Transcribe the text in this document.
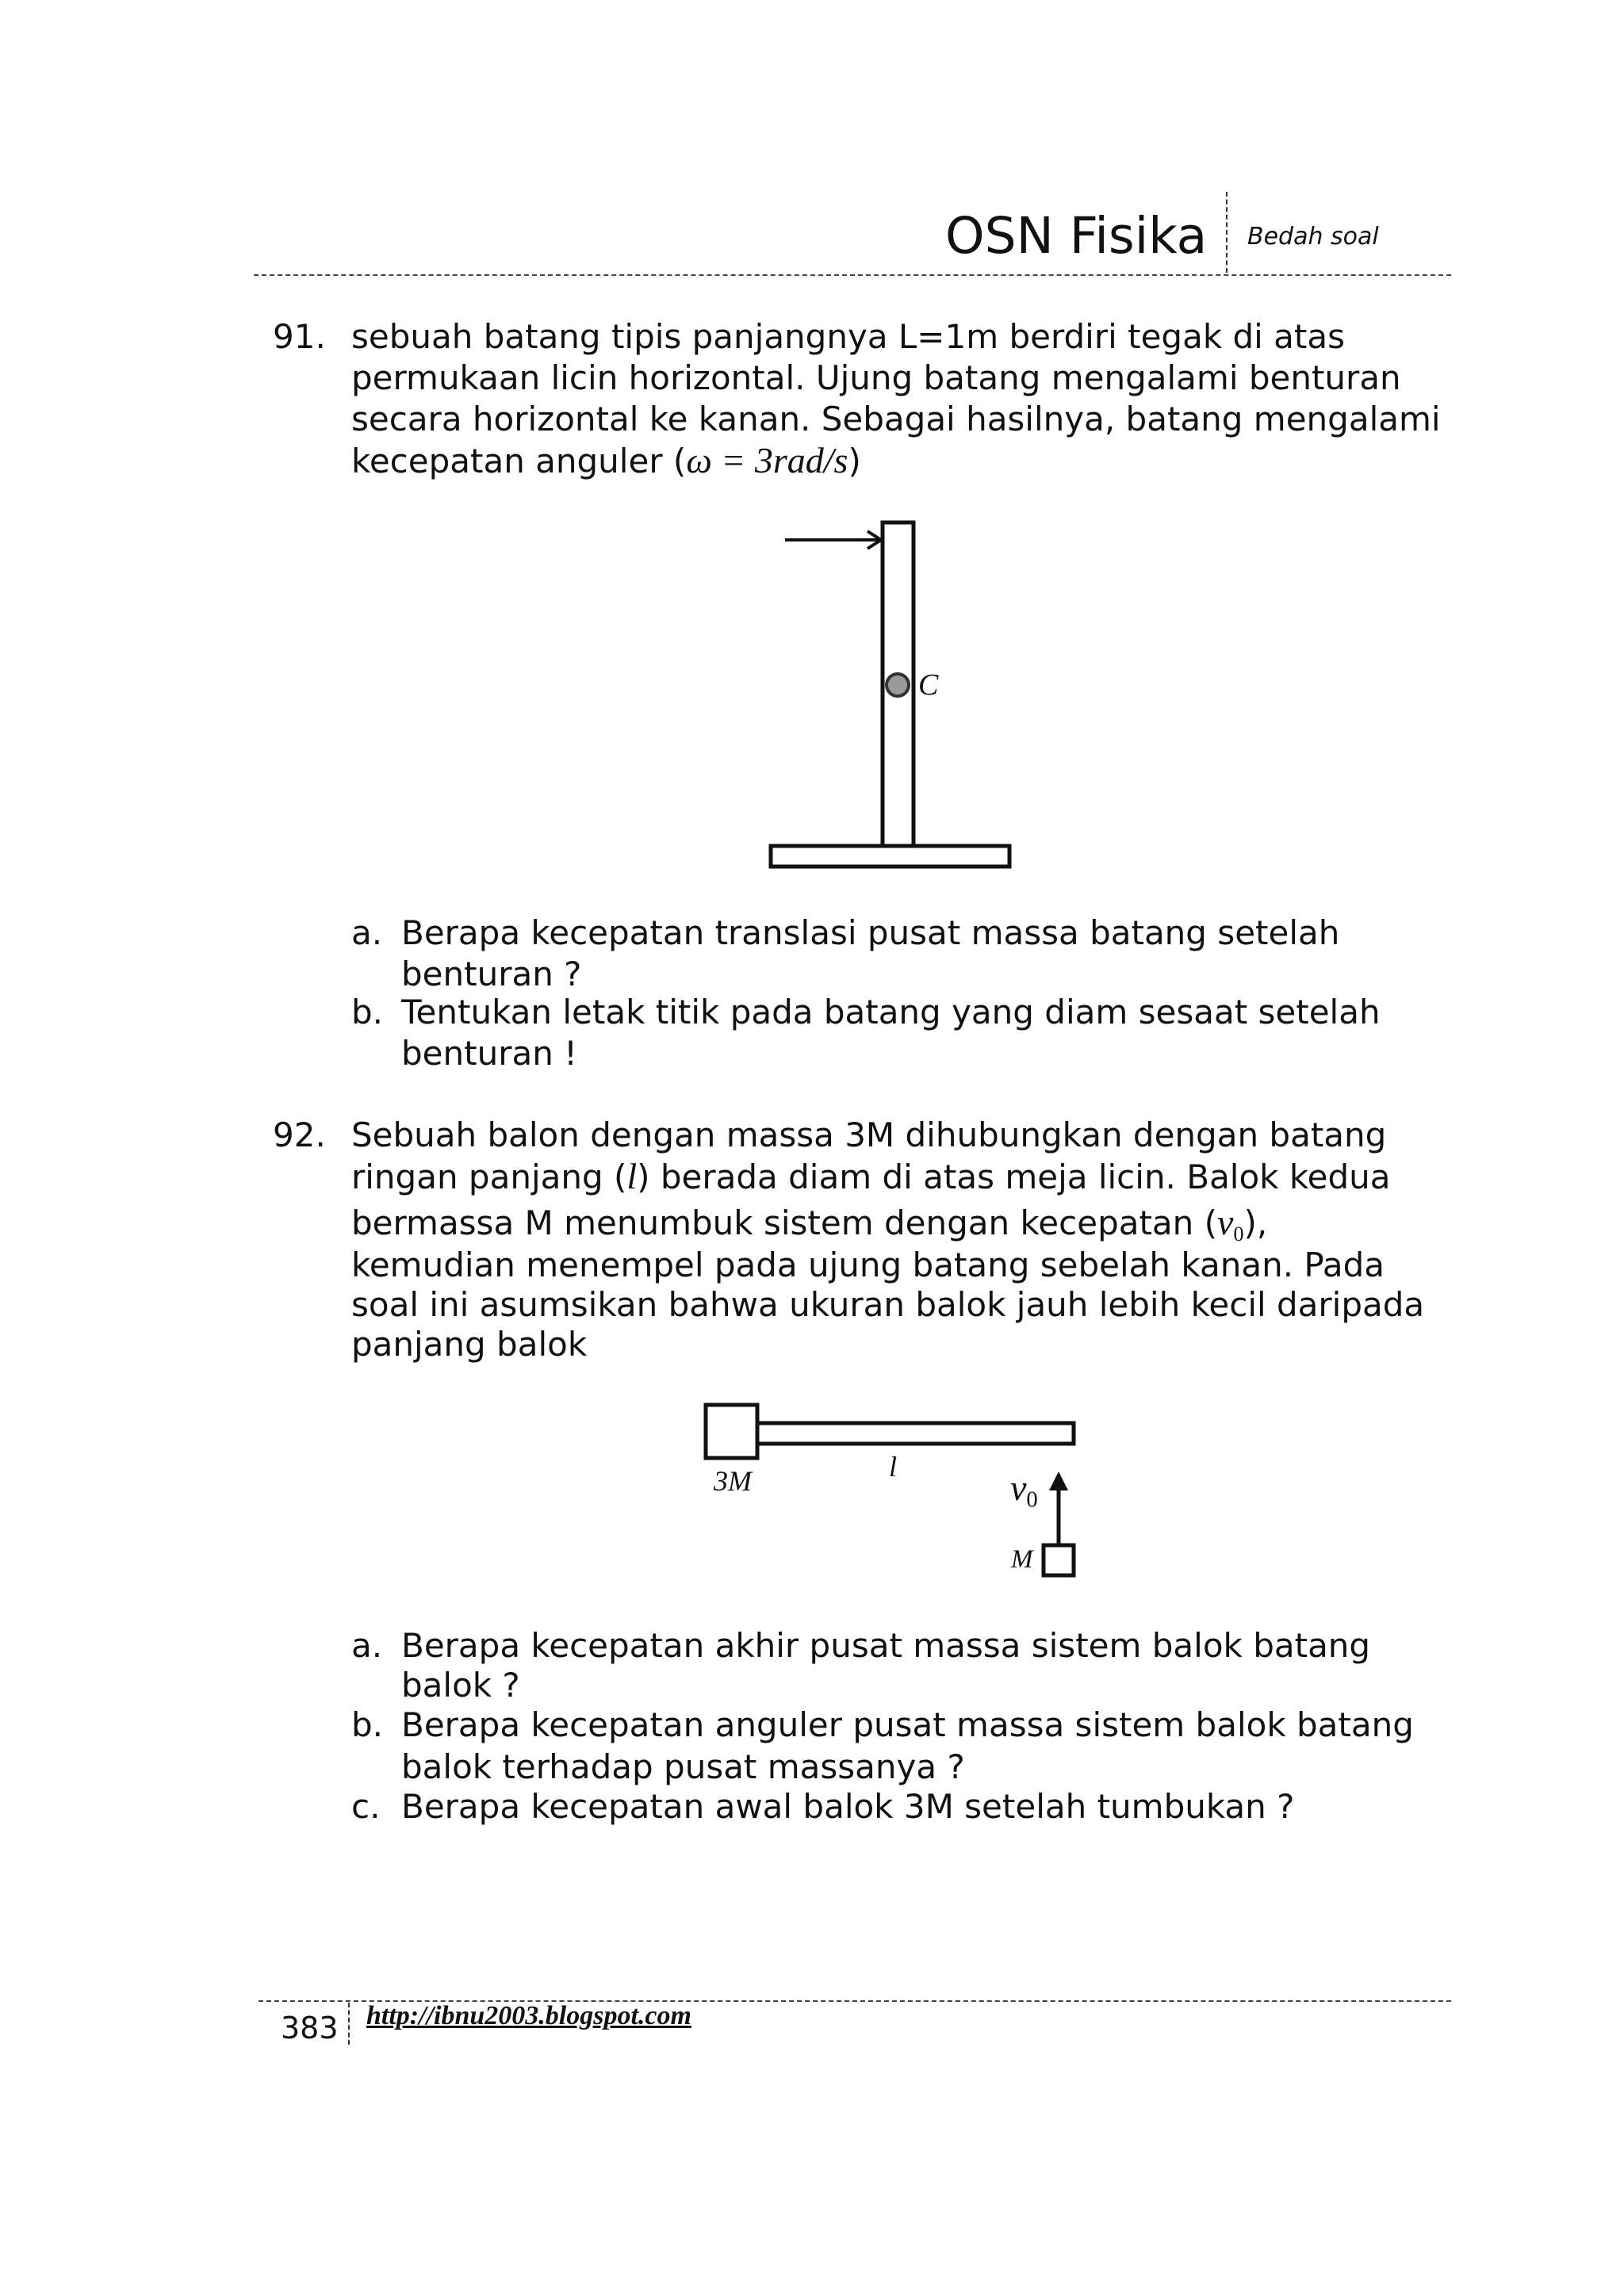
OSN Fisika Bedah soal
91. sebuah batang tipis panjangnya L=1m berdiri tegak di atas
permukaan licin horizontal. Ujung batang mengalami benturan
secara horizontal ke kanan. Sebagai hasilnya, batang mengalami
kecepatan anguler (ω = 3rad/s)
C
a. Berapa kecepatan translasi pusat massa batang setelah
benturan ?
b. Tentukan letak titik pada batang yang diam sesaat setelah
benturan !
92. Sebuah balon dengan massa 3M dihubungkan dengan batang
ringan panjang (l) berada diam di atas meja licin. Balok kedua
bermassa M menumbuk sistem dengan kecepatan $(v_0)$,
kemudian menempel pada ujung batang sebelah kanan. Pada
soal ini asumsikan bahwa ukuran balok jauh lebih kecil daripada
panjang balok
3M	l
$v_0$
M
a. Berapa kecepatan akhir pusat massa sistem balok batang
balok ?
b. Berapa kecepatan anguler pusat massa sistem balok batang
balok terhadap pusat massanya ?
c. Berapa kecepatan awal balok 3M setelah tumbukan ?
383 http://ibnu2003.blogspot.com
